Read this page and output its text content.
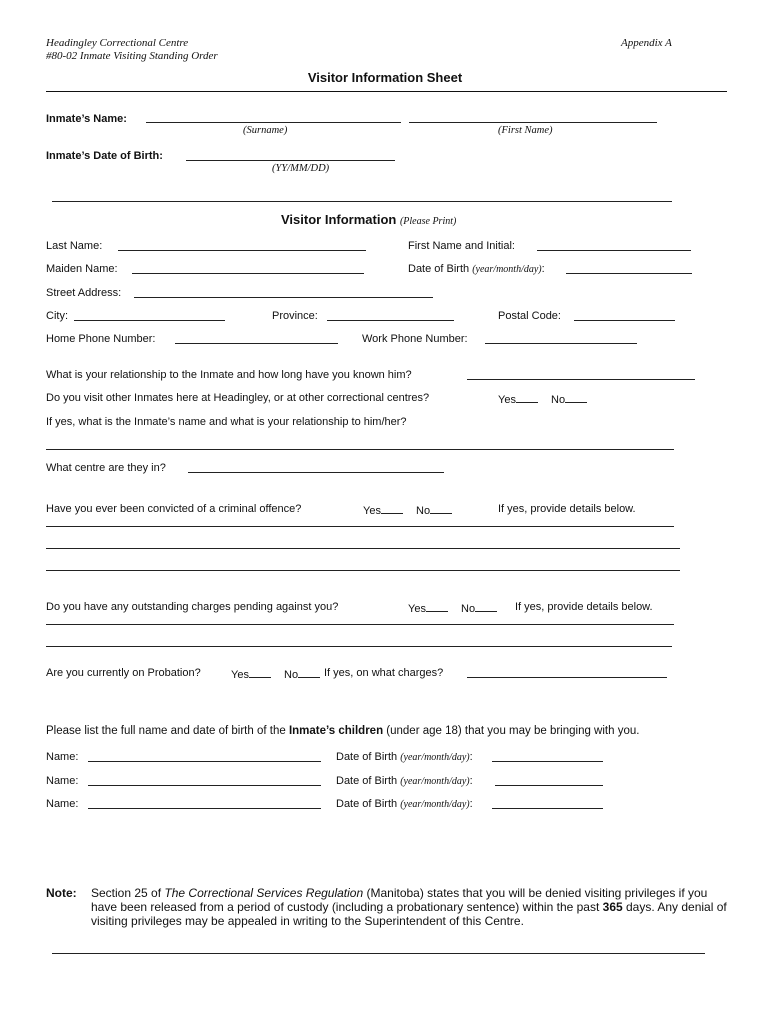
Headingley Correctional Centre
#80-02 Inmate Visiting Standing Order
Appendix A
Visitor Information Sheet
Inmate’s Name:
(Surname)	(First Name)
Inmate’s Date of Birth:
(YY/MM/DD)
Visitor Information (Please Print)
Last Name:	First Name and Initial:
Maiden Name:	Date of Birth (year/month/day):
Street Address:
City:	Province:	Postal Code:
Home Phone Number:	Work Phone Number:
What is your relationship to the Inmate and how long have you known him?
Do you visit other Inmates here at Headingley, or at other correctional centres?	Yes	No
If yes, what is the Inmate’s name and what is your relationship to him/her?
What centre are they in?
Have you ever been convicted of a criminal offence?	Yes	No	If yes, provide details below.
Do you have any outstanding charges pending against you?	Yes	No	If yes, provide details below.
Are you currently on Probation?	Yes	No	If yes, on what charges?
Please list the full name and date of birth of the Inmate’s children (under age 18) that you may be bringing with you.
Name:	Date of Birth (year/month/day):
Name:	Date of Birth (year/month/day):
Name:	Date of Birth (year/month/day):
Note: Section 25 of The Correctional Services Regulation (Manitoba) states that you will be denied visiting privileges if you have been released from a period of custody (including a probationary sentence) within the past 365 days. Any denial of visiting privileges may be appealed in writing to the Superintendent of this Centre.
